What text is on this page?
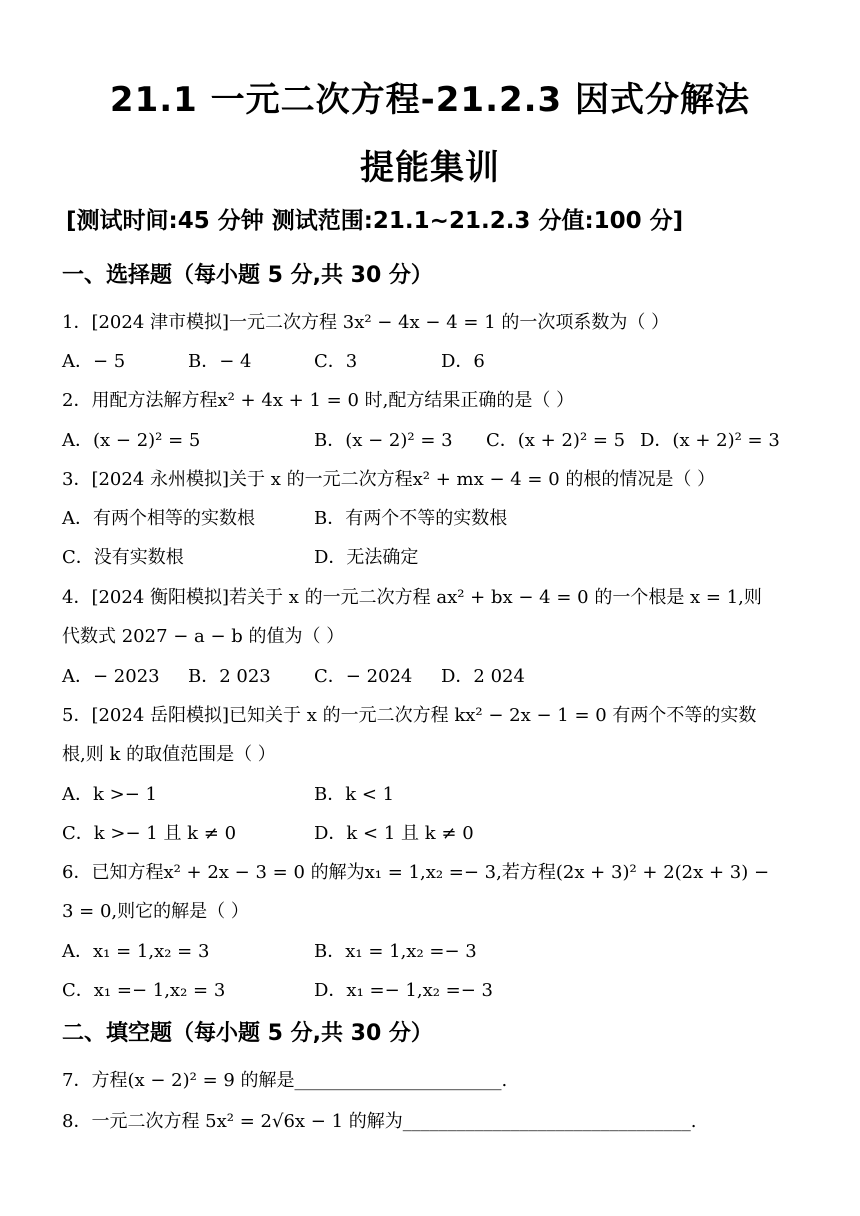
21.1 一元二次方程-21.2.3 因式分解法
提能集训
[测试时间:45 分钟 测试范围:21.1~21.2.3 分值:100 分]
一、选择题（每小题 5 分,共 30 分）
1．[2024 津市模拟]一元二次方程 3x² − 4x − 4 = 1 的一次项系数为（ ）
A．− 5	B．− 4	C．3	D．6
2．用配方法解方程x² + 4x + 1 = 0 时,配方结果正确的是（ ）
A．(x − 2)² = 5	B．(x − 2)² = 3 C．(x + 2)² = 5 D．(x + 2)² = 3
3．[2024 永州模拟]关于 x 的一元二次方程x² + mx − 4 = 0 的根的情况是（ ）
A．有两个相等的实数根	B．有两个不等的实数根
C．没有实数根	D．无法确定
4．[2024 衡阳模拟]若关于 x 的一元二次方程 ax² + bx − 4 = 0 的一个根是 x = 1,则
代数式 2027 − a − b 的值为（ ）
A．− 2023 B．2 023 C．− 2024 D．2 024
5．[2024 岳阳模拟]已知关于 x 的一元二次方程 kx² − 2x − 1 = 0 有两个不等的实数
根,则 k 的取值范围是（ ）
A．k >− 1	B．k < 1
C．k >− 1 且 k ≠ 0	D．k < 1 且 k ≠ 0
6．已知方程x² + 2x − 3 = 0 的解为x₁ = 1,x₂ =− 3,若方程(2x + 3)² + 2(2x + 3) −
3 = 0,则它的解是（ ）
A．x₁ = 1,x₂ = 3	B．x₁ = 1,x₂ =− 3
C．x₁ =− 1,x₂ = 3	D．x₁ =− 1,x₂ =− 3
二、填空题（每小题 5 分,共 30 分）
7．方程(x − 2)² = 9 的解是_______________________.
8．一元二次方程 5x² = 2√6x − 1 的解为________________________________.
